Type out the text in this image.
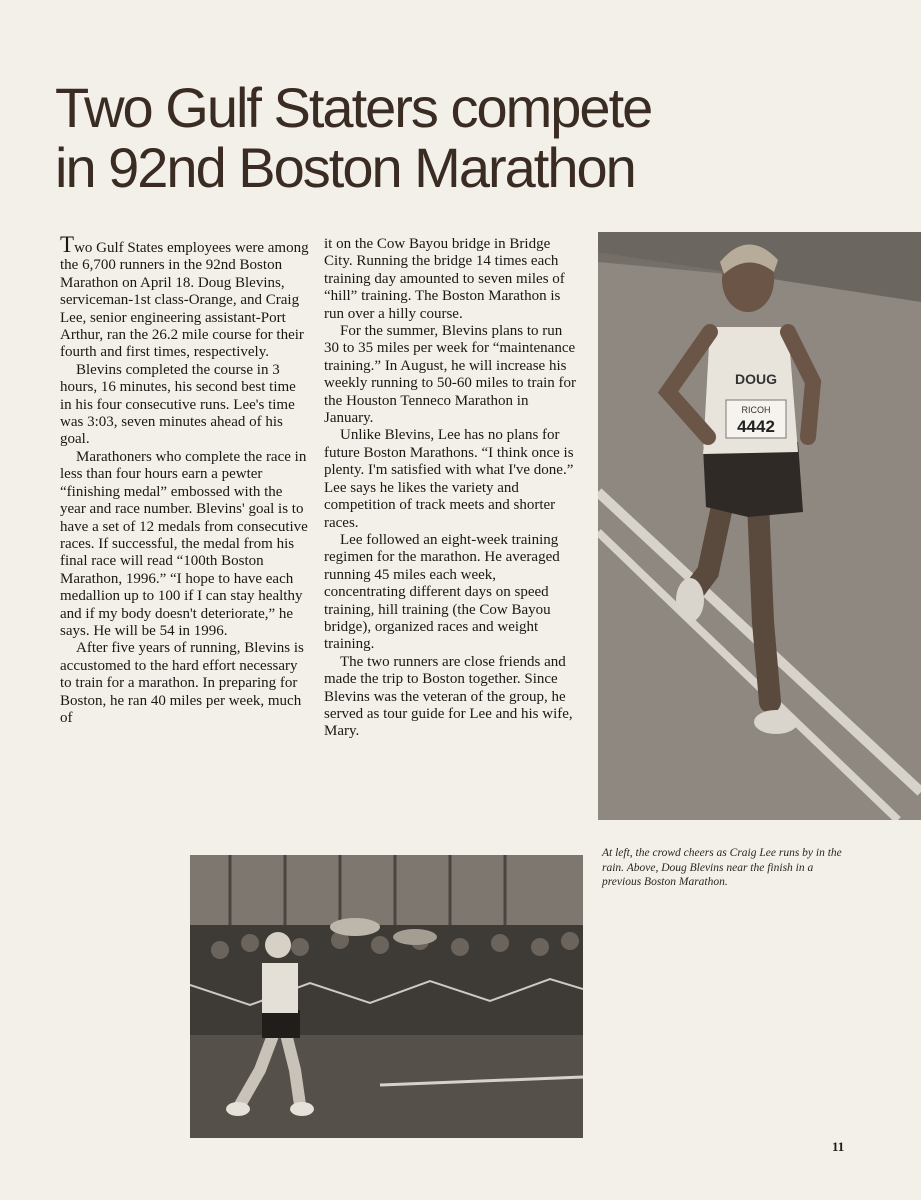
Two Gulf Staters compete
in 92nd Boston Marathon

Two Gulf States employees were among the 6,700 runners in the 92nd Boston Marathon on April 18. Doug Blevins, serviceman-1st class-Orange, and Craig Lee, senior engineering assistant-Port Arthur, ran the 26.2 mile course for their fourth and first times, respectively.

Blevins completed the course in 3 hours, 16 minutes, his second best time in his four consecutive runs. Lee's time was 3:03, seven minutes ahead of his goal.

Marathoners who complete the race in less than four hours earn a pewter “finishing medal” embossed with the year and race number. Blevins' goal is to have a set of 12 medals from consecutive races. If successful, the medal from his final race will read “100th Boston Marathon, 1996.” “I hope to have each medallion up to 100 if I can stay healthy and if my body doesn't deteriorate,” he says. He will be 54 in 1996.

After five years of running, Blevins is accustomed to the hard effort necessary to train for a marathon. In preparing for Boston, he ran 40 miles per week, much of

it on the Cow Bayou bridge in Bridge City. Running the bridge 14 times each training day amounted to seven miles of “hill” training. The Boston Marathon is run over a hilly course.

For the summer, Blevins plans to run 30 to 35 miles per week for “maintenance training.” In August, he will increase his weekly running to 50-60 miles to train for the Houston Tenneco Marathon in January.

Unlike Blevins, Lee has no plans for future Boston Marathons. “I think once is plenty. I'm satisfied with what I've done.” Lee says he likes the variety and competition of track meets and shorter races.

Lee followed an eight-week training regimen for the marathon. He averaged running 45 miles each week, concentrating different days on speed training, hill training (the Cow Bayou bridge), organized races and weight training.

The two runners are close friends and made the trip to Boston together. Since Blevins was the veteran of the group, he served as tour guide for Lee and his wife, Mary.

DOUG
RICOH
4442
At left, the crowd cheers as Craig Lee runs by in the rain. Above, Doug Blevins near the finish in a previous Boston Marathon.
11
